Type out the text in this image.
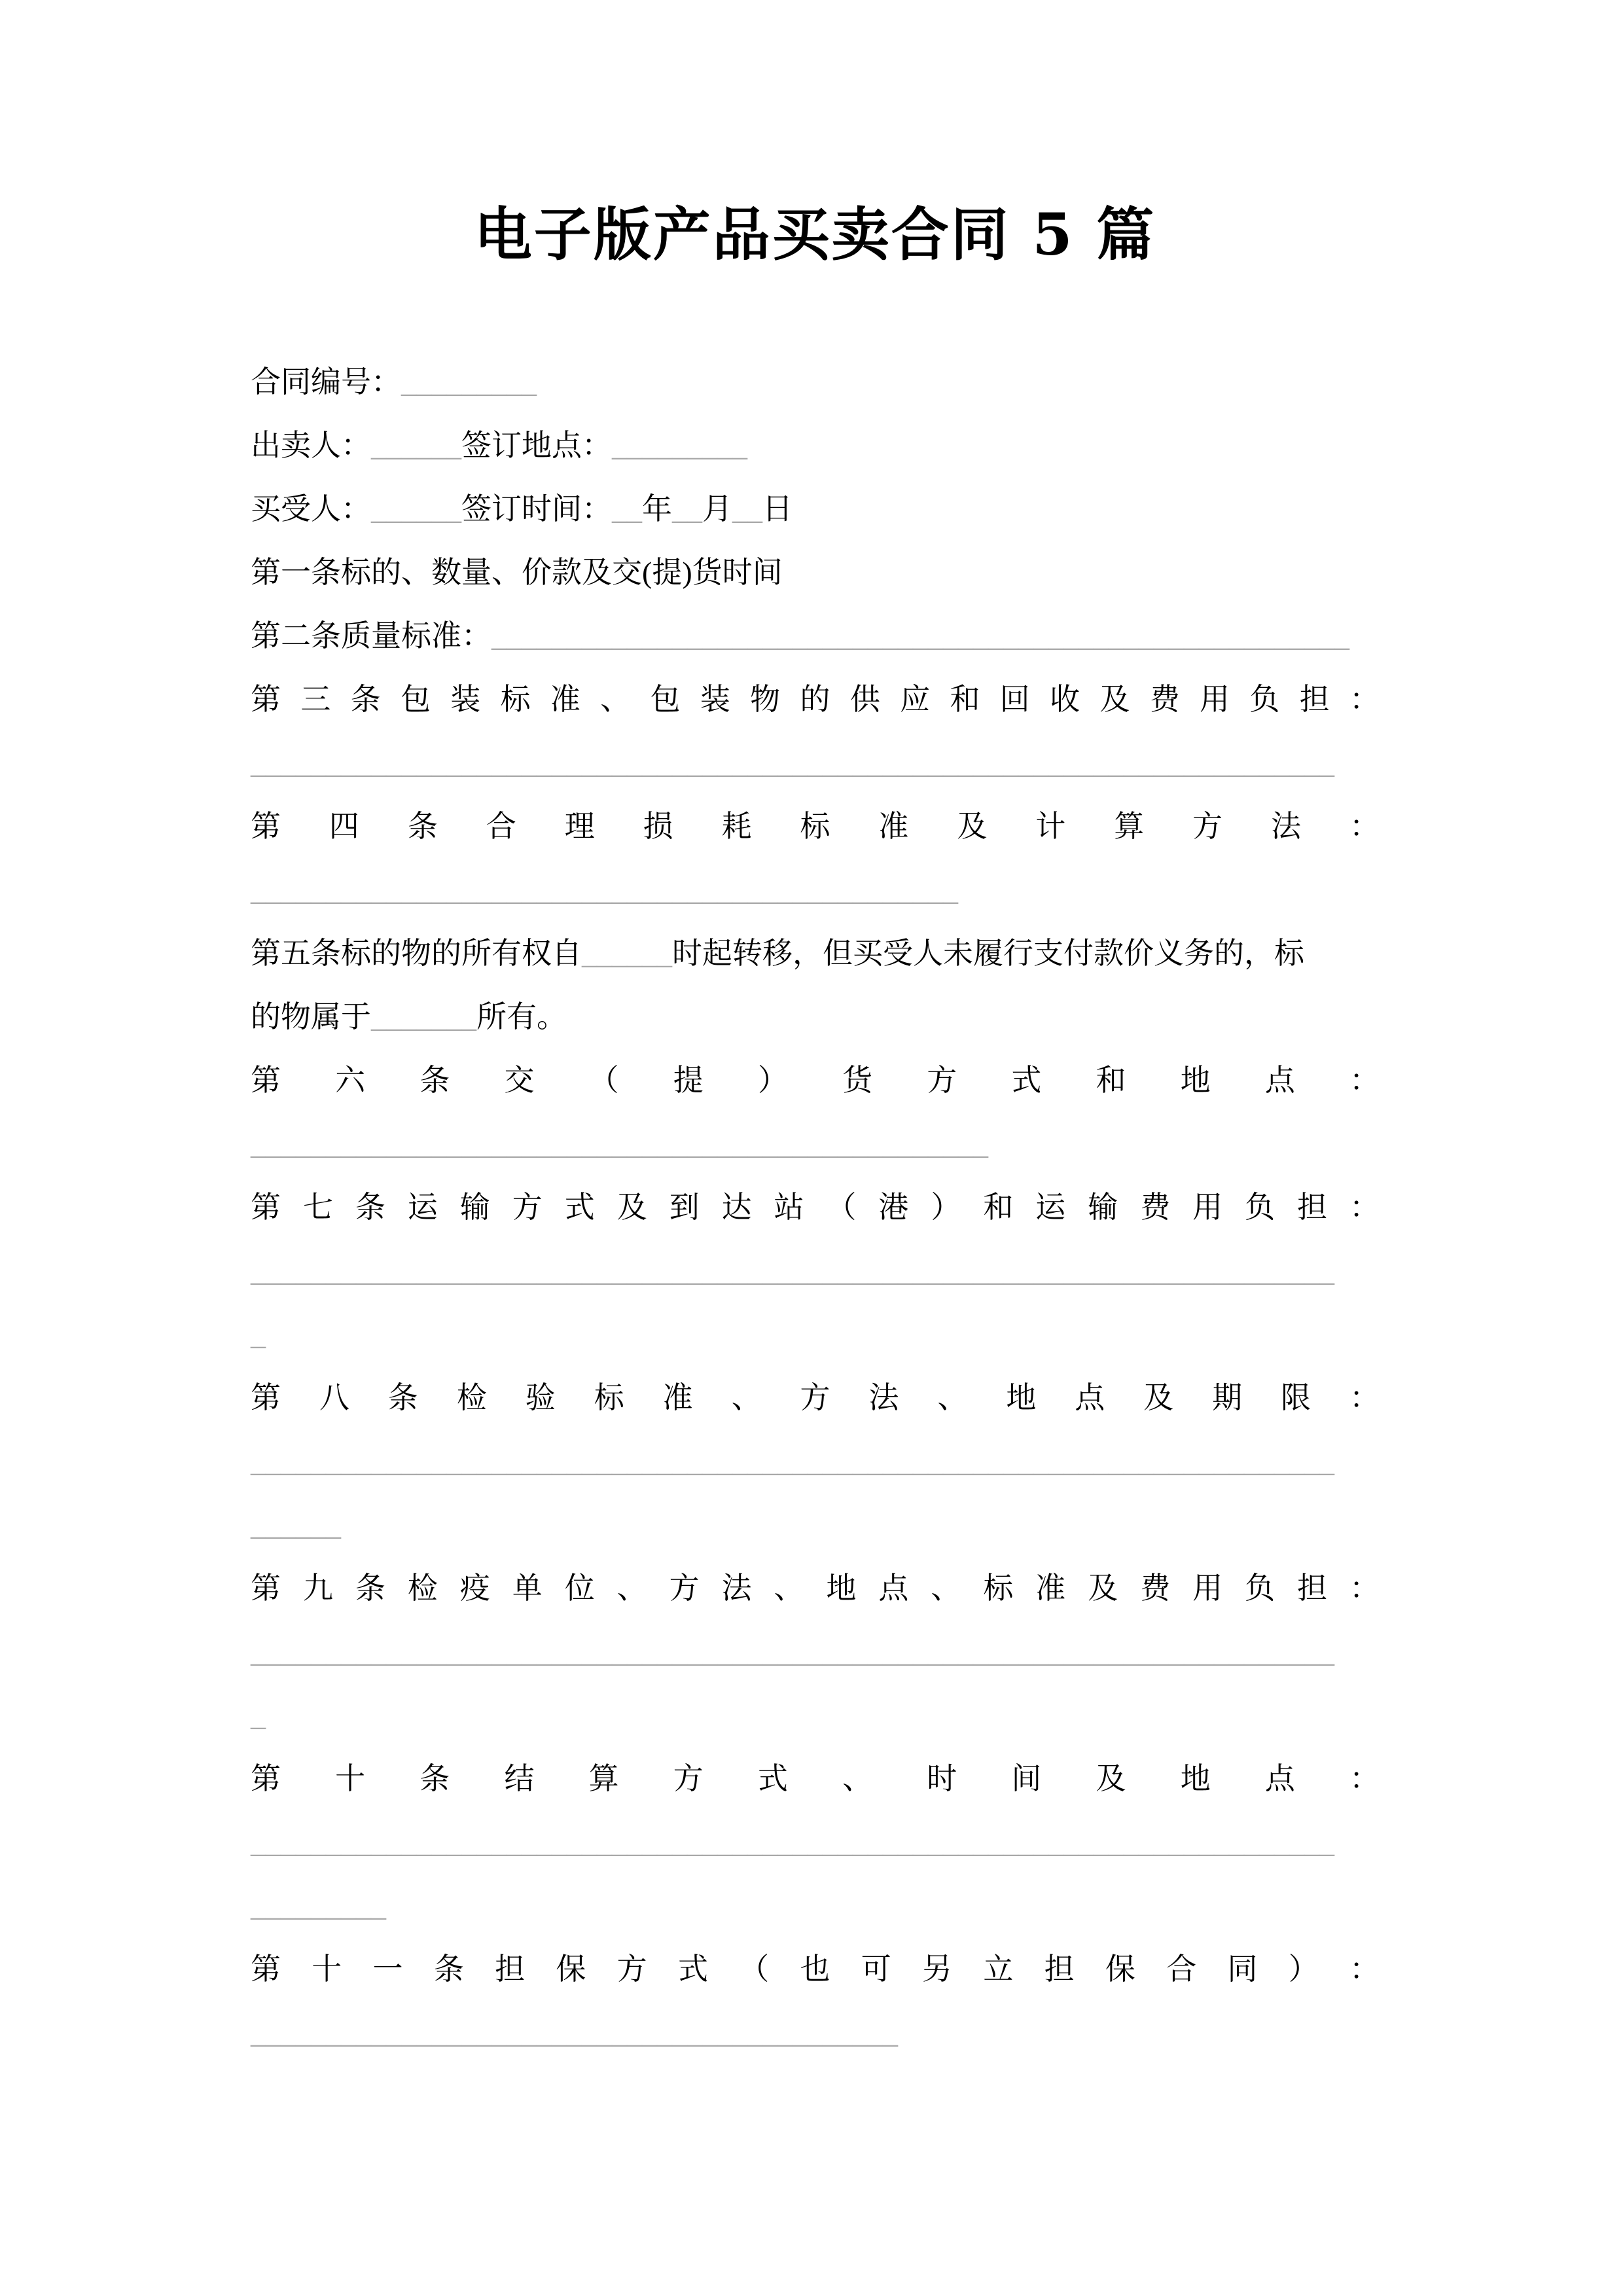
电子版产品买卖合同 5 篇

合同编号：_________

出卖人：______签订地点：_________

买受人：______签订时间：__年__月__日

第一条标的、数量、价款及交(提)货时间

第二条质量标准：_________________________________________________________

第 三 条 包 装 标 准 、 包 装 物 的 供 应 和 回 收 及 费 用 负 担 ：

________________________________________________________________________

第 四 条 合 理 损 耗 标 准 及 计 算 方 法 ：

_______________________________________________

第五条标的物的所有权自______时起转移，但买受人未履行支付款价义务的，标

的物属于_______所有。

第 六 条 交 （ 提 ） 货 方 式 和 地 点 ：

_________________________________________________

第 七 条 运 输 方 式 及 到 达 站 （ 港 ） 和 运 输 费 用 负 担 ：

________________________________________________________________________

_

第 八 条 检 验 标 准 、 方 法 、 地 点 及 期 限 ：

________________________________________________________________________

______

第 九 条 检 疫 单 位 、 方 法 、 地 点 、 标 准 及 费 用 负 担 ：

________________________________________________________________________

_

第 十 条 结 算 方 式 、 时 间 及 地 点 ：

________________________________________________________________________

_________

第 十 一 条 担 保 方 式 （ 也 可 另 立 担 保 合 同 ） ：

___________________________________________
